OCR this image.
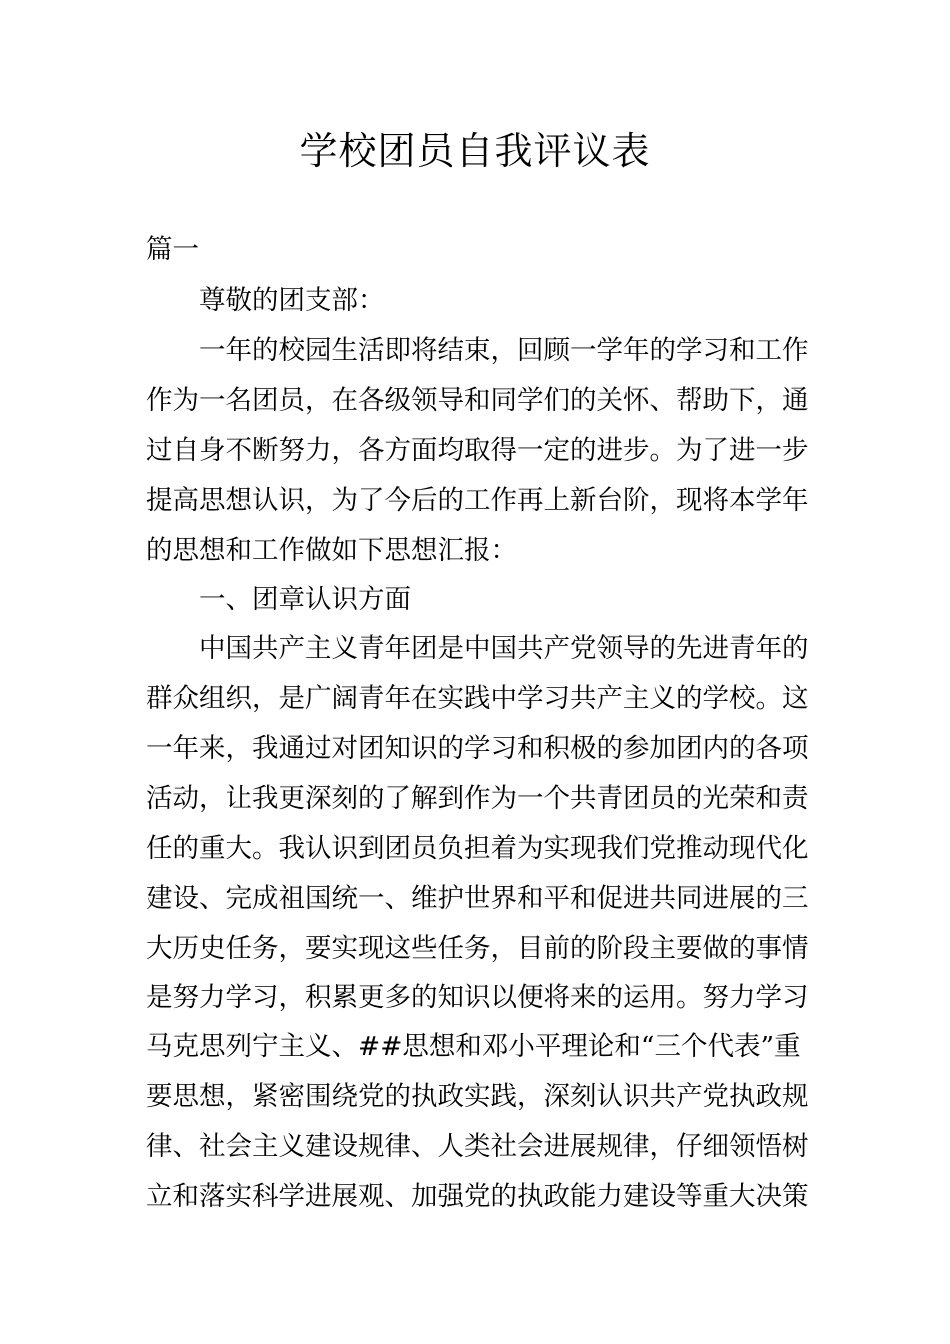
学校团员自我评议表
篇一
尊敬的团支部：
一年的校园生活即将结束，回顾一学年的学习和工作
作为一名团员，在各级领导和同学们的关怀、帮助下，通
过自身不断努力，各方面均取得一定的进步。为了进一步
提高思想认识，为了今后的工作再上新台阶，现将本学年
的思想和工作做如下思想汇报：
一、团章认识方面
中国共产主义青年团是中国共产党领导的先进青年的
群众组织，是广阔青年在实践中学习共产主义的学校。这
一年来，我通过对团知识的学习和积极的参加团内的各项
活动，让我更深刻的了解到作为一个共青团员的光荣和责
任的重大。我认识到团员负担着为实现我们党推动现代化
建设、完成祖国统一、维护世界和平和促进共同进展的三
大历史任务，要实现这些任务，目前的阶段主要做的事情
是努力学习，积累更多的知识以便将来的运用。努力学习
马克思列宁主义、##思想和邓小平理论和“三个代表”重
要思想，紧密围绕党的执政实践，深刻认识共产党执政规
律、社会主义建设规律、人类社会进展规律，仔细领悟树
立和落实科学进展观、加强党的执政能力建设等重大决策
